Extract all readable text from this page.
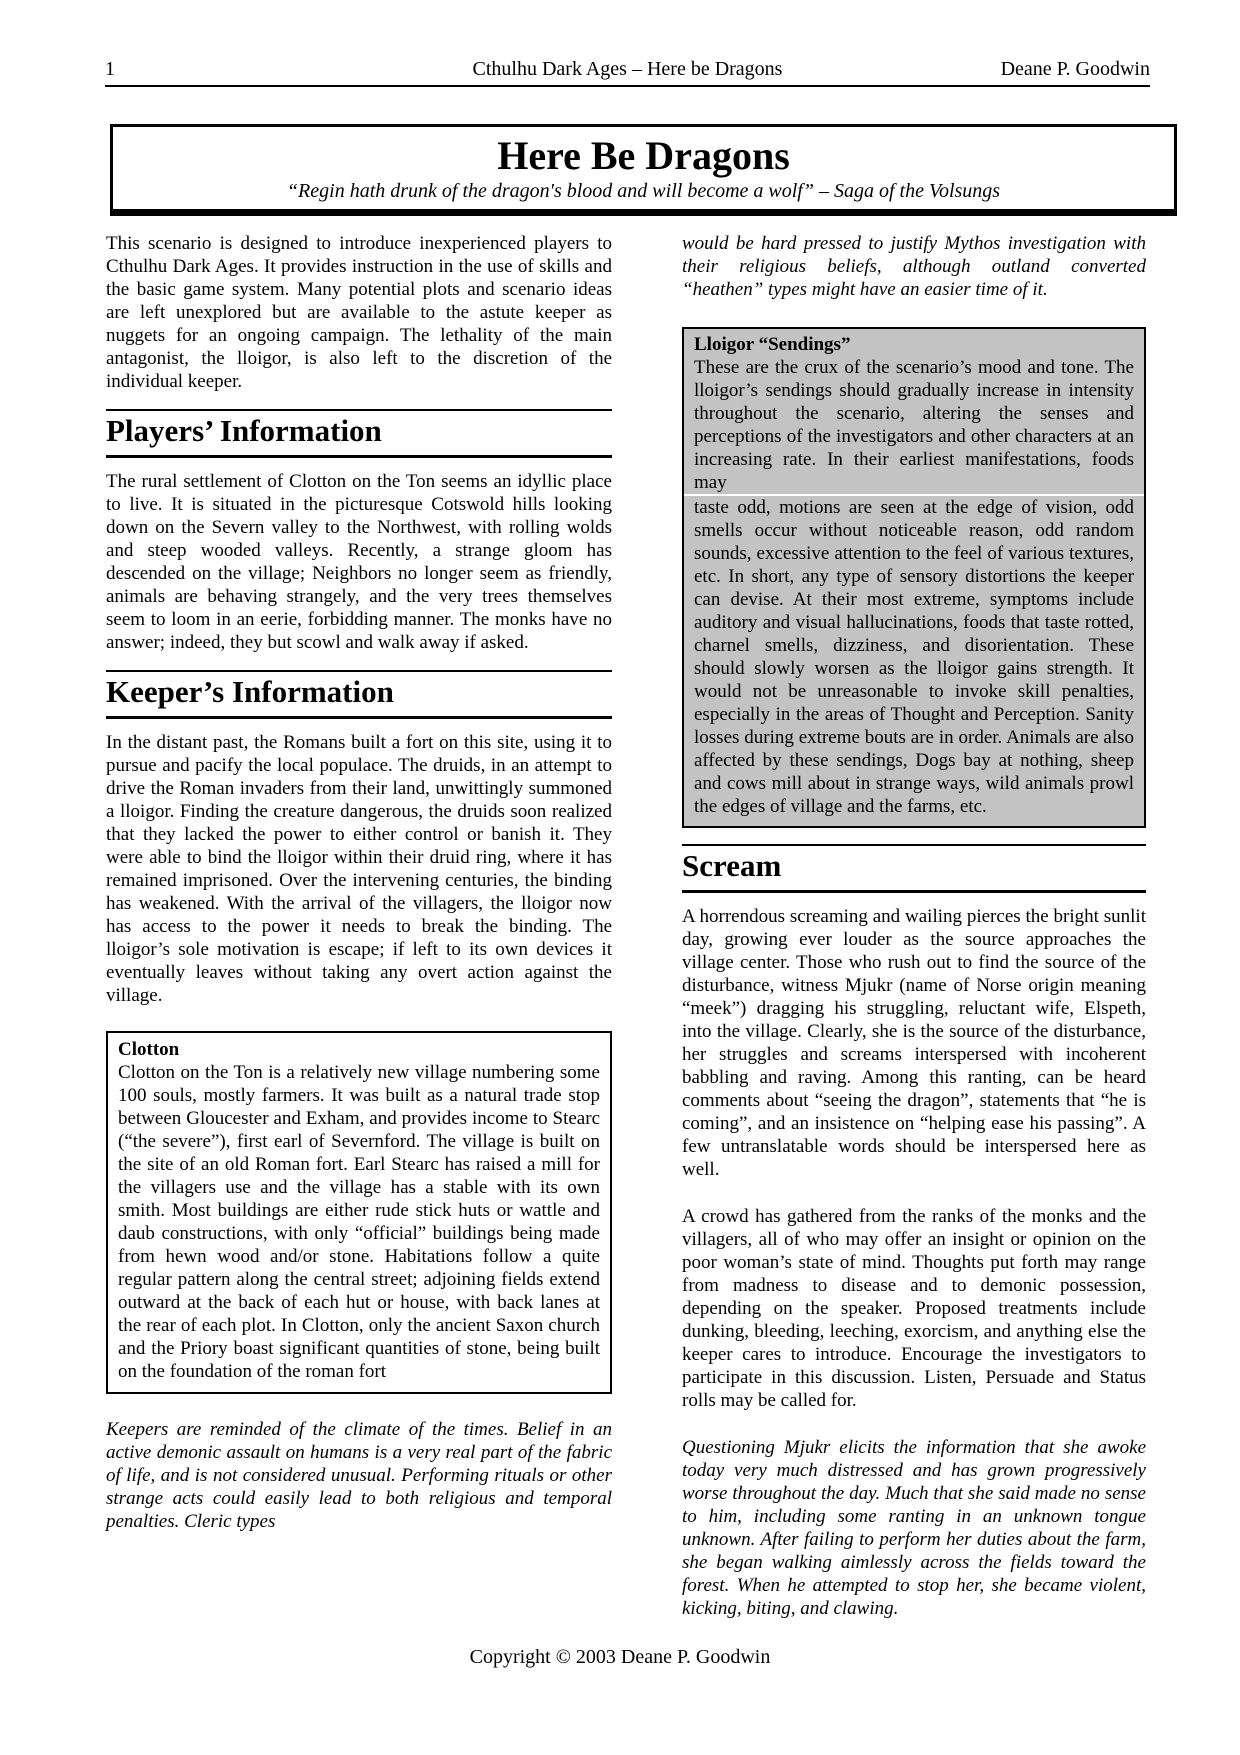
1	Cthulhu Dark Ages – Here be Dragons	Deane P. Goodwin
Here Be Dragons
“Regin hath drunk of the dragon's blood and will become a wolf” – Saga of the Volsungs

This scenario is designed to introduce inexperienced players to Cthulhu Dark Ages. It provides instruction in the use of skills and the basic game system. Many potential plots and scenario ideas are left unexplored but are available to the astute keeper as nuggets for an ongoing campaign. The lethality of the main antagonist, the lloigor, is also left to the discretion of the individual keeper.

Players’ Information

The rural settlement of Clotton on the Ton seems an idyllic place to live. It is situated in the picturesque Cotswold hills looking down on the Severn valley to the Northwest, with rolling wolds and steep wooded valleys. Recently, a strange gloom has descended on the village; Neighbors no longer seem as friendly, animals are behaving strangely, and the very trees themselves seem to loom in an eerie, forbidding manner. The monks have no answer; indeed, they but scowl and walk away if asked.

Keeper’s Information

In the distant past, the Romans built a fort on this site, using it to pursue and pacify the local populace. The druids, in an attempt to drive the Roman invaders from their land, unwittingly summoned a lloigor. Finding the creature dangerous, the druids soon realized that they lacked the power to either control or banish it. They were able to bind the lloigor within their druid ring, where it has remained imprisoned. Over the intervening centuries, the binding has weakened. With the arrival of the villagers, the lloigor now has access to the power it needs to break the binding. The lloigor’s sole motivation is escape; if left to its own devices it eventually leaves without taking any overt action against the village.

Clotton

Clotton on the Ton is a relatively new village numbering some 100 souls, mostly farmers. It was built as a natural trade stop between Gloucester and Exham, and provides income to Stearc (“the severe”), first earl of Severnford. The village is built on the site of an old Roman fort. Earl Stearc has raised a mill for the villagers use and the village has a stable with its own smith. Most buildings are either rude stick huts or wattle and daub constructions, with only “official” buildings being made from hewn wood and/or stone. Habitations follow a quite regular pattern along the central street; adjoining fields extend outward at the back of each hut or house, with back lanes at the rear of each plot. In Clotton, only the ancient Saxon church and the Priory boast significant quantities of stone, being built on the foundation of the roman fort

Keepers are reminded of the climate of the times. Belief in an active demonic assault on humans is a very real part of the fabric of life, and is not considered unusual. Performing rituals or other strange acts could easily lead to both religious and temporal penalties. Cleric types

would be hard pressed to justify Mythos investigation with their religious beliefs, although outland converted “heathen” types might have an easier time of it.

Lloigor “Sendings”

These are the crux of the scenario’s mood and tone. The lloigor’s sendings should gradually increase in intensity throughout the scenario, altering the senses and perceptions of the investigators and other characters at an increasing rate. In their earliest manifestations, foods may

taste odd, motions are seen at the edge of vision, odd smells occur without noticeable reason, odd random sounds, excessive attention to the feel of various textures, etc. In short, any type of sensory distortions the keeper can devise. At their most extreme, symptoms include auditory and visual hallucinations, foods that taste rotted, charnel smells, dizziness, and disorientation. These should slowly worsen as the lloigor gains strength. It would not be unreasonable to invoke skill penalties, especially in the areas of Thought and Perception. Sanity losses during extreme bouts are in order. Animals are also affected by these sendings, Dogs bay at nothing, sheep and cows mill about in strange ways, wild animals prowl the edges of village and the farms, etc.

Scream

A horrendous screaming and wailing pierces the bright sunlit day, growing ever louder as the source approaches the village center. Those who rush out to find the source of the disturbance, witness Mjukr (name of Norse origin meaning “meek”) dragging his struggling, reluctant wife, Elspeth, into the village. Clearly, she is the source of the disturbance, her struggles and screams interspersed with incoherent babbling and raving. Among this ranting, can be heard comments about “seeing the dragon”, statements that “he is coming”, and an insistence on “helping ease his passing”. A few untranslatable words should be interspersed here as well.

A crowd has gathered from the ranks of the monks and the villagers, all of who may offer an insight or opinion on the poor woman’s state of mind. Thoughts put forth may range from madness to disease and to demonic possession, depending on the speaker. Proposed treatments include dunking, bleeding, leeching, exorcism, and anything else the keeper cares to introduce. Encourage the investigators to participate in this discussion. Listen, Persuade and Status rolls may be called for.

Questioning Mjukr elicits the information that she awoke today very much distressed and has grown progressively worse throughout the day. Much that she said made no sense to him, including some ranting in an unknown tongue unknown. After failing to perform her duties about the farm, she began walking aimlessly across the fields toward the forest. When he attempted to stop her, she became violent, kicking, biting, and clawing.

Copyright © 2003 Deane P. Goodwin
